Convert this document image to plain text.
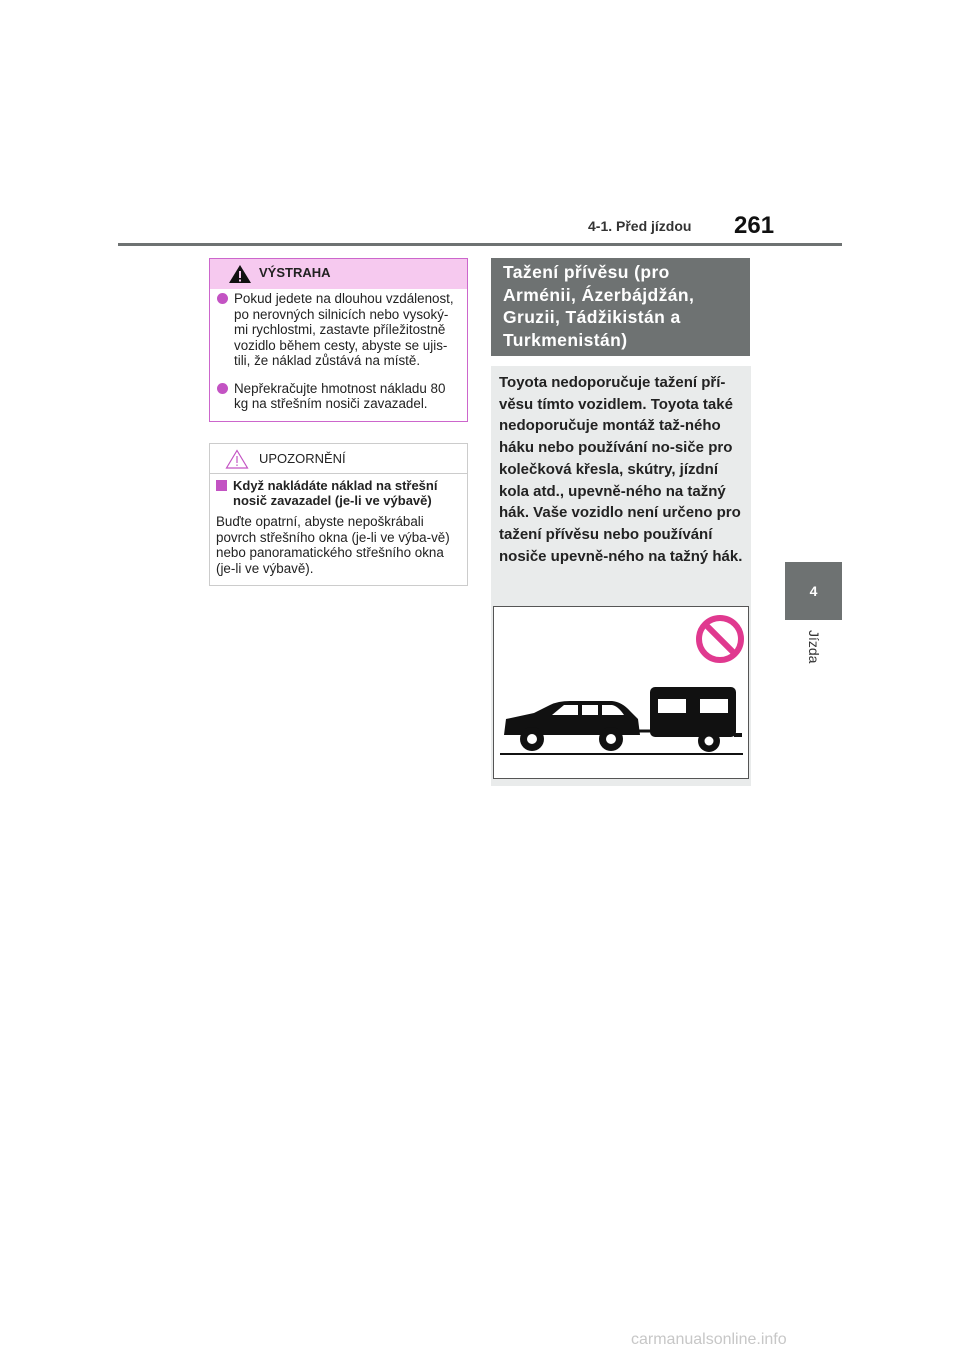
4-1. Před jízdou 261
4
Jízda
VÝSTRAHA
Pokud jedete na dlouhou vzdálenost, po nerovných silnicích nebo vysoký-mi rychlostmi, zastavte příležitostně vozidlo během cesty, abyste se ujis-tili, že náklad zůstává na místě.
Nepřekračujte hmotnost nákladu 80 kg na střešním nosiči zavazadel.
UPOZORNĚNÍ
Když nakládáte náklad na střešní nosič zavazadel (je-li ve výbavě)
Buďte opatrní, abyste nepoškrábali povrch střešního okna (je-li ve výba-vě) nebo panoramatického střešního okna (je-li ve výbavě).
Tažení přívěsu (pro Arménii, Ázerbájdžán, Gruzii, Tádžikistán a Turkmenistán)
Toyota nedoporučuje tažení pří-věsu tímto vozidlem. Toyota také nedoporučuje montáž taž-ného háku nebo používání no-siče pro kolečková křesla, skútry, jízdní kola atd., upevně-ného na tažný hák. Vaše vozidlo není určeno pro tažení přívěsu nebo používání nosiče upevně-ného na tažný hák.
carmanualsonline.info
